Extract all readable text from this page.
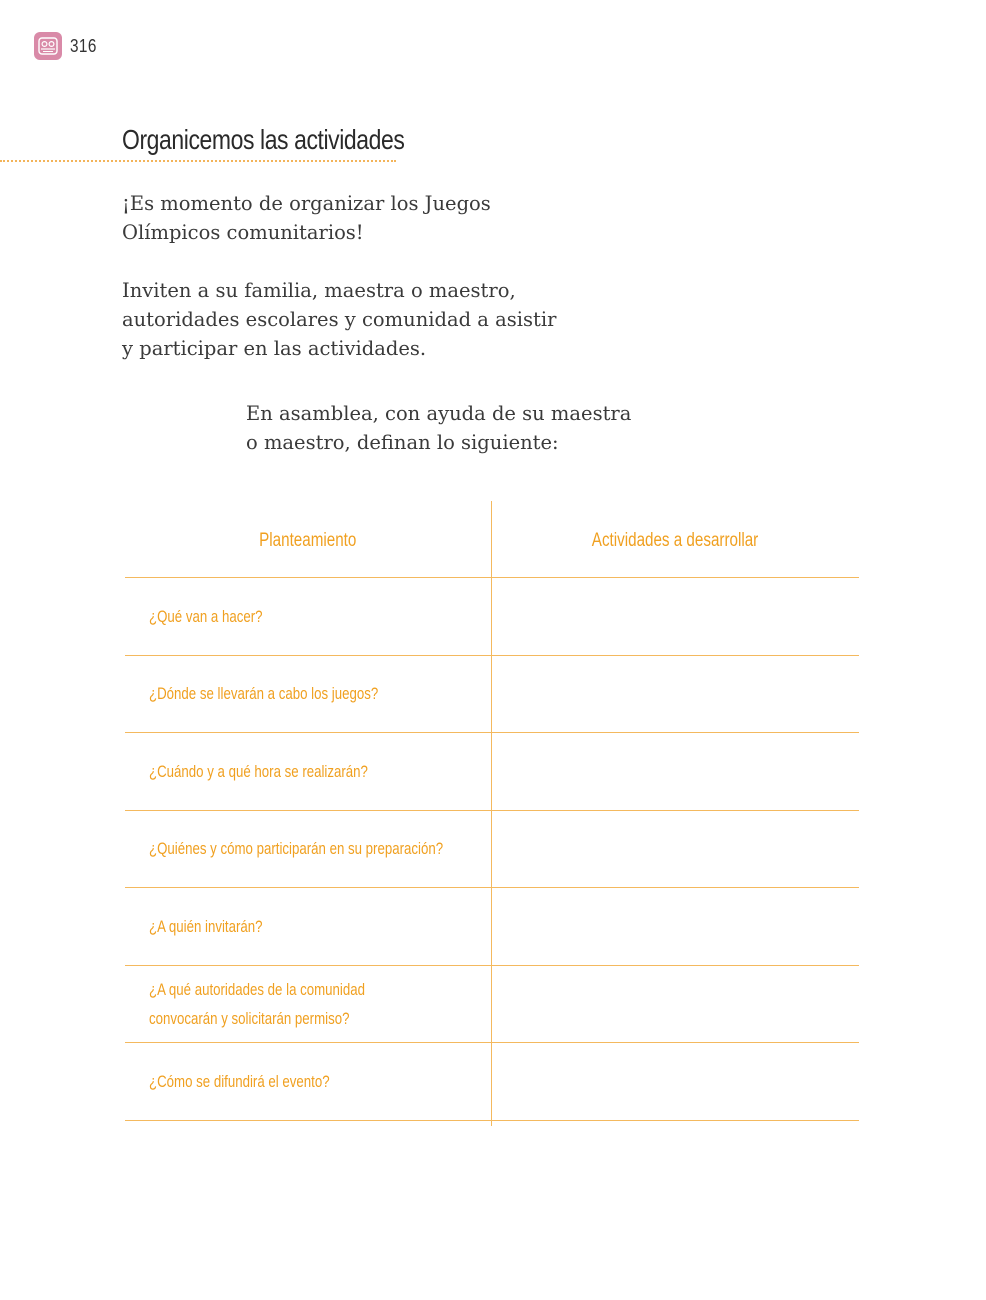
316
Organicemos las actividades

¡Es momento de organizar los Juegos
Olímpicos comunitarios!

Inviten a su familia, maestra o maestro,
autoridades escolares y comunidad a asistir
y participar en las actividades.

En asamblea, con ayuda de su maestra
o maestro, definan lo siguiente:

Planteamiento	Actividades a desarrollar
¿Qué van a hacer?
¿Dónde se llevarán a cabo los juegos?
¿Cuándo y a qué hora se realizarán?
¿Quiénes y cómo participarán en su preparación?
¿A quién invitarán?
¿A qué autoridades de la comunidad convocarán y solicitarán permiso?
¿Cómo se difundirá el evento?
